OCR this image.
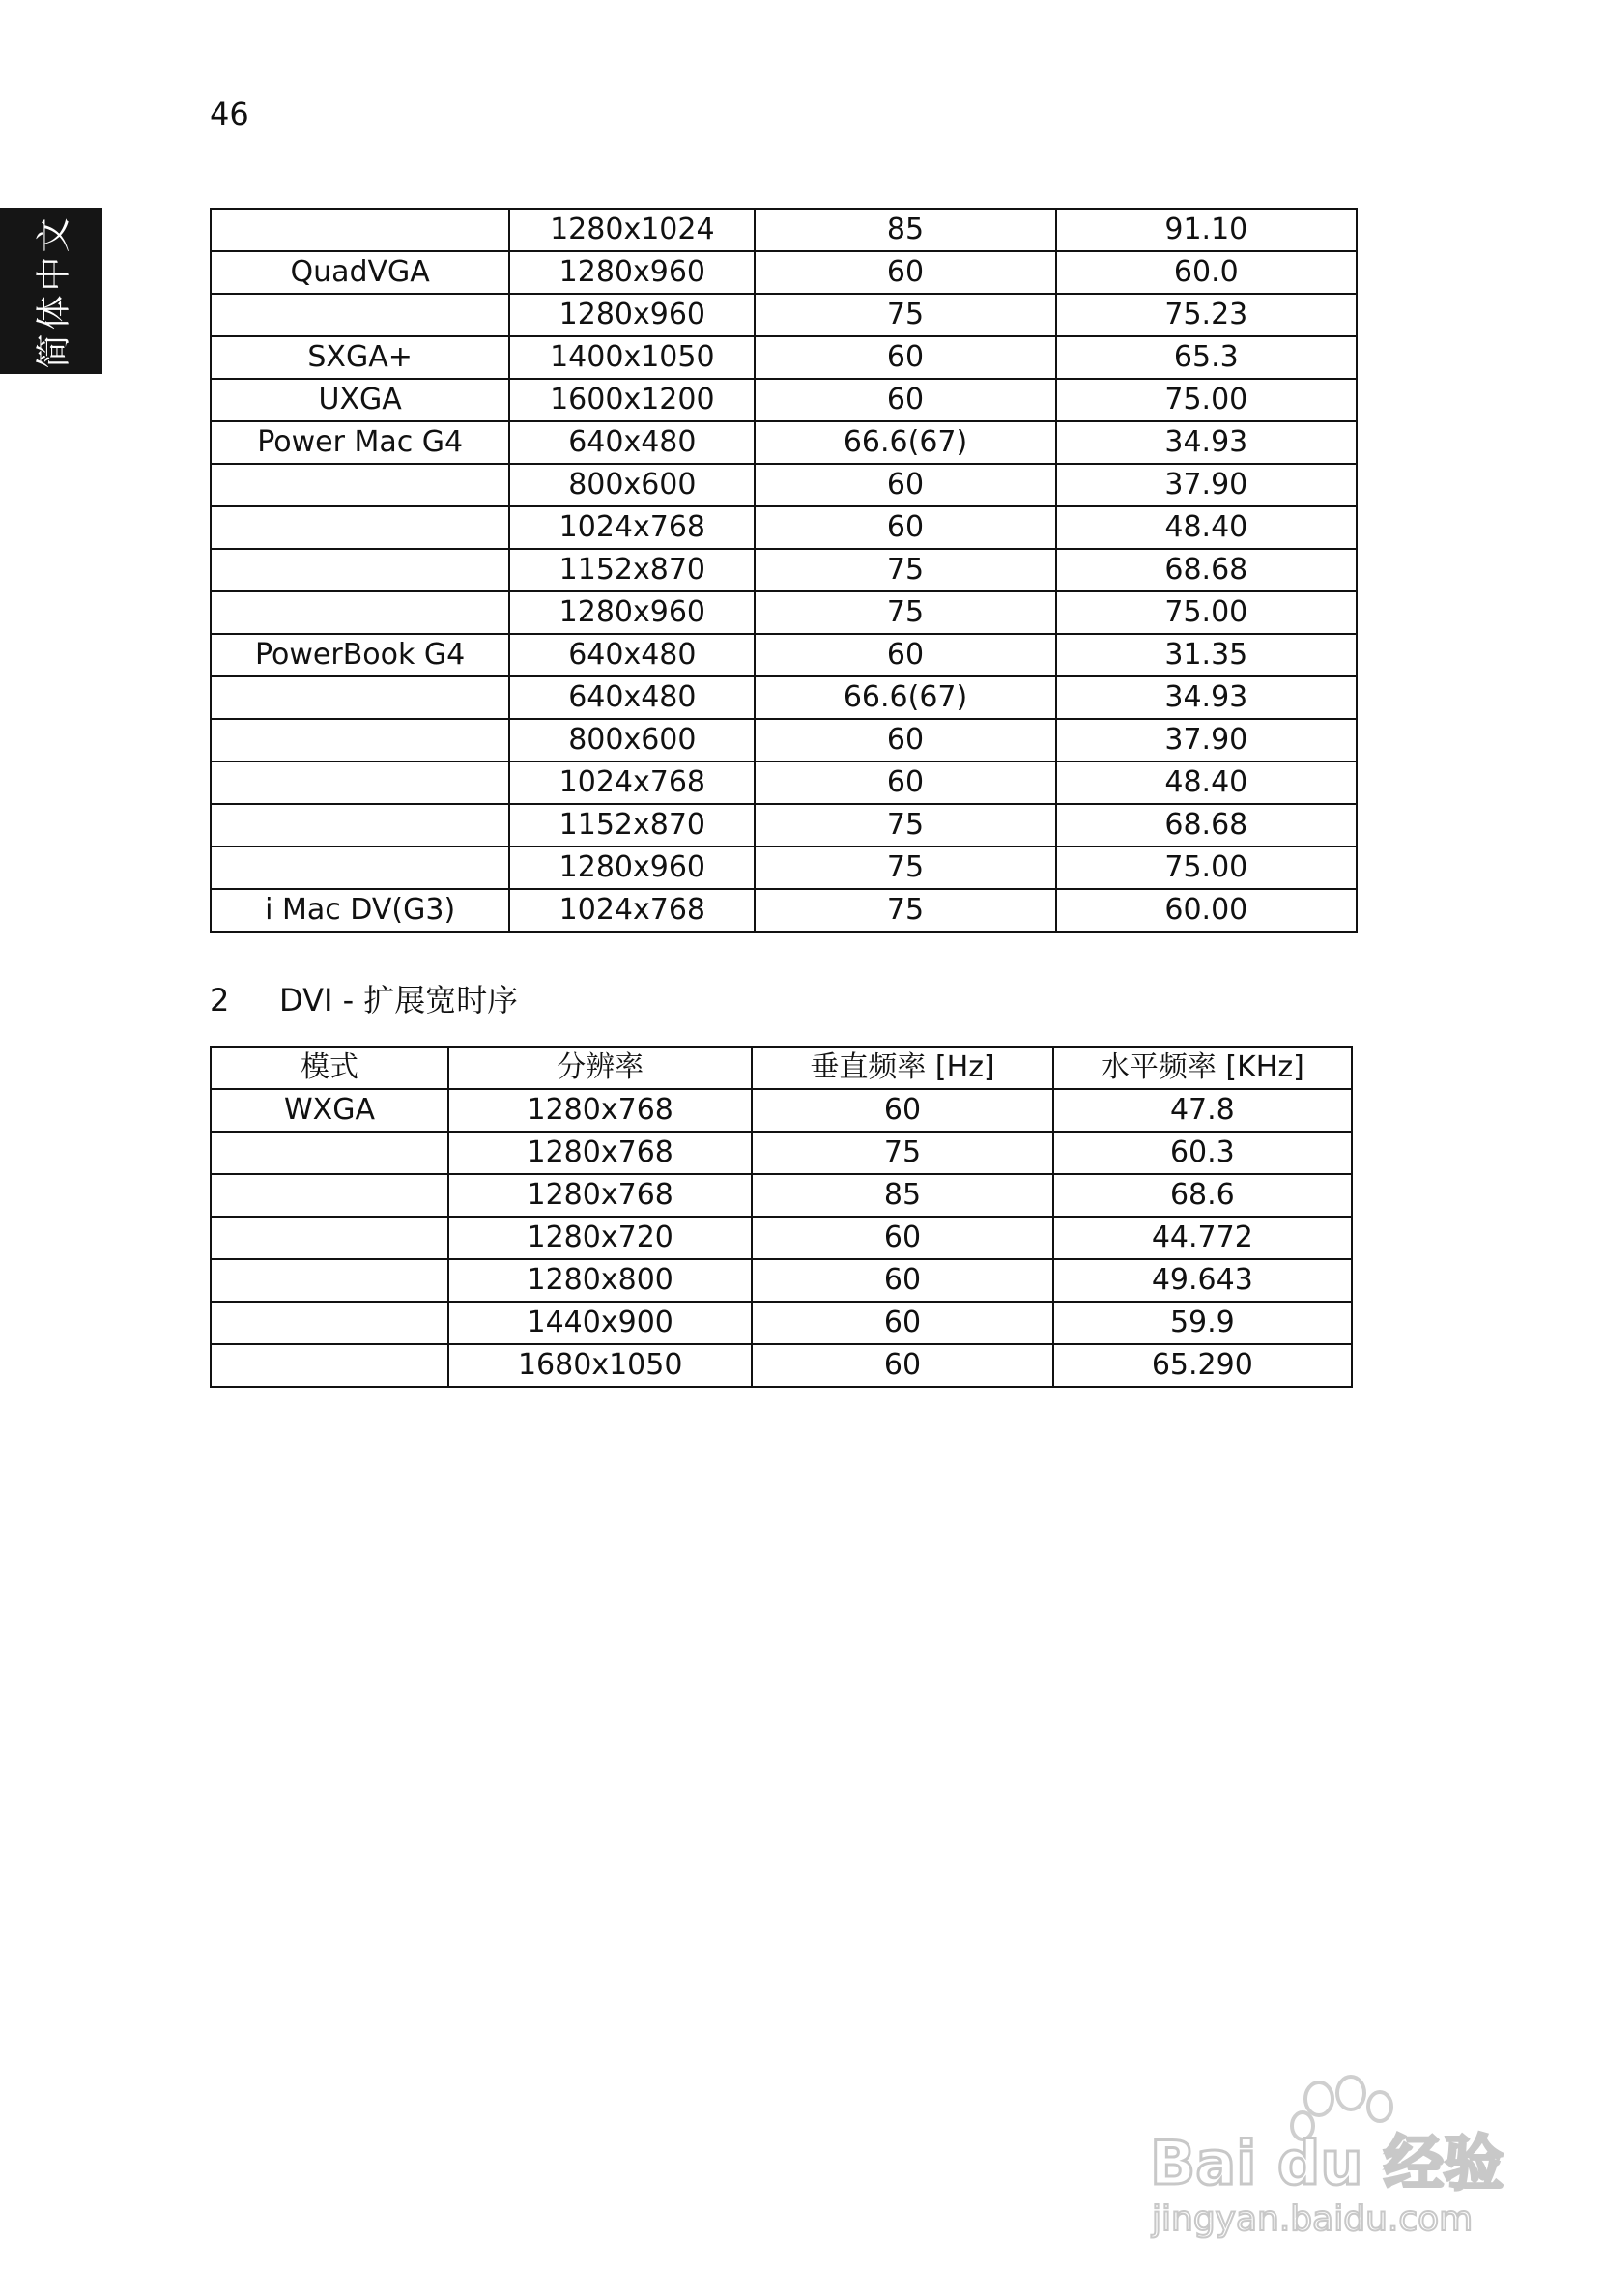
46
简体中文
		1280x1024	85	91.10
QuadVGA	1280x960	60	60.0
	1280x960	75	75.23
SXGA+	1400x1050	60	65.3
UXGA	1600x1200	60	75.00
Power Mac G4	640x480	66.6(67)	34.93
	800x600	60	37.90
	1024x768	60	48.40
	1152x870	75	68.68
	1280x960	75	75.00
PowerBook G4	640x480	60	31.35
	640x480	66.6(67)	34.93
	800x600	60	37.90
	1024x768	60	48.40
	1152x870	75	68.68
	1280x960	75	75.00
i Mac DV(G3)	1024x768	75	60.00
2 DVI - 扩展宽时序
模式	分辨率	垂直频率 [Hz]	水平频率 [KHz]
WXGA	1280x768	60	47.8
	1280x768	75	60.3
	1280x768	85	68.6
	1280x720	60	44.772
	1280x800	60	49.643
	1440x900	60	59.9
	1680x1050	60	65.290
Bai du 经验
jingyan.baidu.com
